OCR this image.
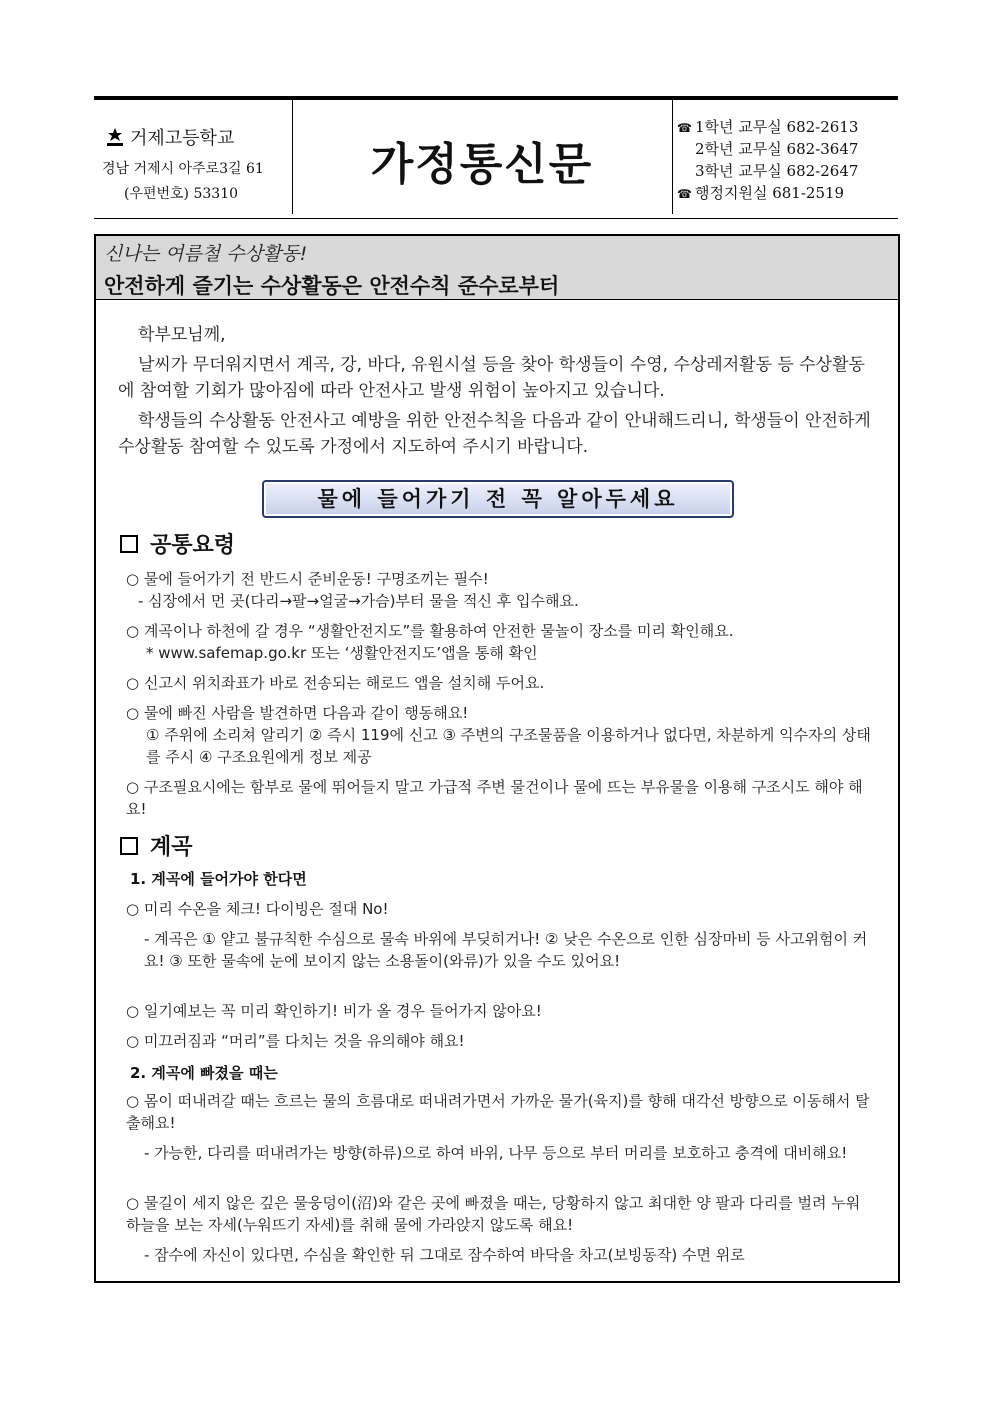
거제고등학교
경남 거제시 아주로3길 61
(우편번호) 53310
가정통신문
☎ 1학년 교무실 682-2613
2학년 교무실 682-3647
3학년 교무실 682-2647
☎ 행정지원실 681-2519
신나는 여름철 수상활동!
안전하게 즐기는 수상활동은 안전수칙 준수로부터
학부모님께,
날씨가 무더워지면서 계곡, 강, 바다, 유원시설 등을 찾아 학생들이 수영, 수상레저활동 등 수상활동에 참여할 기회가 많아짐에 따라 안전사고 발생 위험이 높아지고 있습니다.
학생들의 수상활동 안전사고 예방을 위한 안전수칙을 다음과 같이 안내해드리니, 학생들이 안전하게 수상활동 참여할 수 있도록 가정에서 지도하여 주시기 바랍니다.
물에 들어가기 전 꼭 알아두세요
공통요령
○ 물에 들어가기 전 반드시 준비운동! 구명조끼는 필수!
- 심장에서 먼 곳(다리→팔→얼굴→가슴)부터 물을 적신 후 입수해요.
○ 계곡이나 하천에 갈 경우 “생활안전지도”를 활용하여 안전한 물놀이 장소를 미리 확인해요.
* www.safemap.go.kr 또는 ‘생활안전지도’앱을 통해 확인
○ 신고시 위치좌표가 바로 전송되는 해로드 앱을 설치해 두어요.
○ 물에 빠진 사람을 발견하면 다음과 같이 행동해요!
① 주위에 소리쳐 알리기 ② 즉시 119에 신고 ③ 주변의 구조물품을 이용하거나 없다면, 차분하게 익수자의 상태를 주시 ④ 구조요원에게 정보 제공
○ 구조필요시에는 함부로 물에 뛰어들지 말고 가급적 주변 물건이나 물에 뜨는 부유물을 이용해 구조시도 해야 해요!
계곡
1. 계곡에 들어가야 한다면
○ 미리 수온을 체크! 다이빙은 절대 No!
- 계곡은 ① 얕고 불규칙한 수심으로 물속 바위에 부딪히거나! ② 낮은 수온으로 인한 심장마비 등 사고위험이 커요! ③ 또한 물속에 눈에 보이지 않는 소용돌이(와류)가 있을 수도 있어요!
○ 일기예보는 꼭 미리 확인하기! 비가 올 경우 들어가지 않아요!
○ 미끄러짐과 “머리”를 다치는 것을 유의해야 해요!
2. 계곡에 빠졌을 때는
○ 몸이 떠내려갈 때는 흐르는 물의 흐름대로 떠내려가면서 가까운 물가(육지)를 향해 대각선 방향으로 이동해서 탈출해요!
- 가능한, 다리를 떠내려가는 방향(하류)으로 하여 바위, 나무 등으로 부터 머리를 보호하고 충격에 대비해요!
○ 물길이 세지 않은 깊은 물웅덩이(沼)와 같은 곳에 빠졌을 때는, 당황하지 않고 최대한 양 팔과 다리를 벌려 누워 하늘을 보는 자세(누워뜨기 자세)를 취해 물에 가라앉지 않도록 해요!
- 잠수에 자신이 있다면, 수심을 확인한 뒤 그대로 잠수하여 바닥을 차고(보빙동작) 수면 위로
